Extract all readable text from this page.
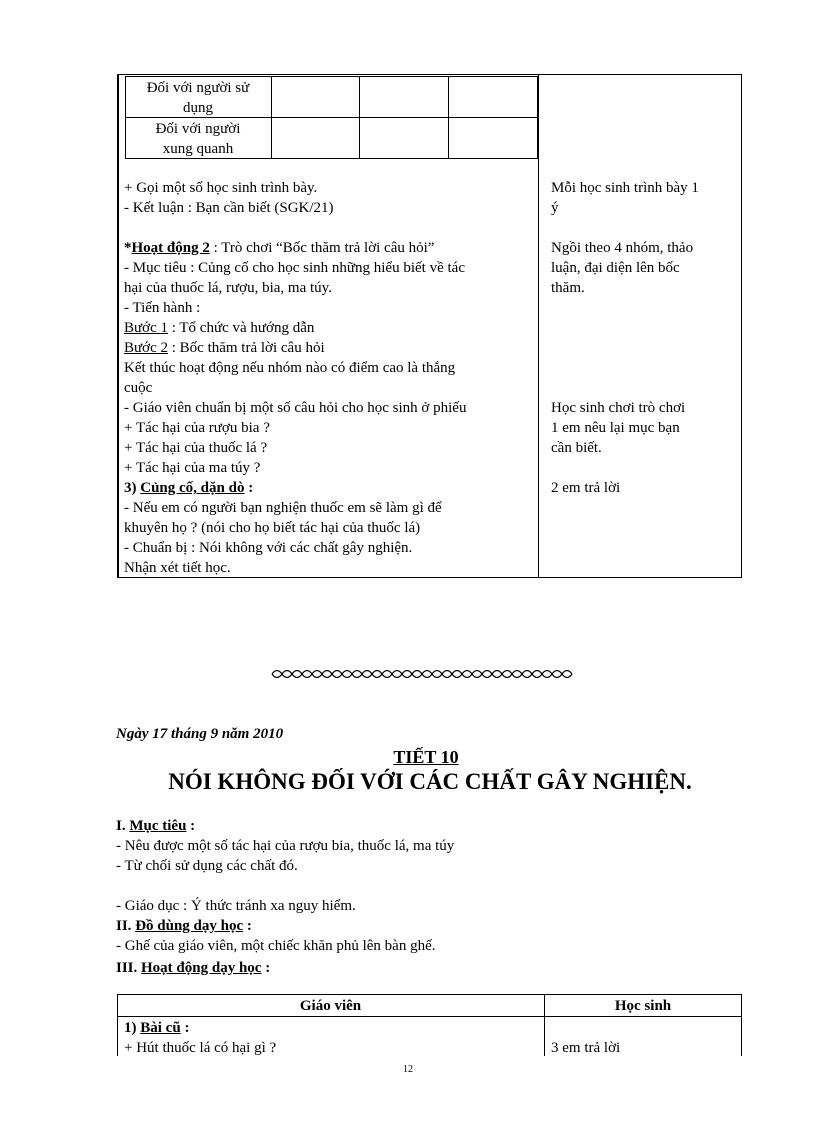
Đối với người sử
dụng
Đối với người
xung quanh
+ Gọi một số học sinh trình bày.
- Kết luận : Bạn cần biết (SGK/21)
*Hoạt động 2 : Trò chơi “Bốc thăm trả lời câu hỏi”
- Mục tiêu : Củng cố cho học sinh những hiểu biết về tác
hại của thuốc lá, rượu, bia, ma túy.
- Tiến hành :
Bước 1 : Tổ chức và hướng dẫn
Bước 2 : Bốc thăm trả lời câu hỏi
Kết thúc hoạt động nếu nhóm nào có điểm cao là thắng
cuộc
- Giáo viên chuẩn bị một số câu hỏi cho học sinh ở phiếu
+ Tác hại của rượu bia ?
+ Tác hại của thuốc lá ?
+ Tác hại của ma túy ?
3) Củng cố, dặn dò :
- Nếu em có người bạn nghiện thuốc em sẽ làm gì để
khuyên họ ? (nói cho họ biết tác hại của thuốc lá)
- Chuẩn bị : Nói không với các chất gây nghiện.
Nhận xét tiết học.
Mỗi học sinh trình bày 1
ý
Ngồi theo 4 nhóm, thảo
luận, đại diện lên bốc
thăm.
Học sinh chơi trò chơi
1 em nêu lại mục bạn
cần biết.
2 em trả lời
Ngày 17 tháng 9 năm 2010
TIẾT 10
NÓI KHÔNG ĐỐI VỚI CÁC CHẤT GÂY NGHIỆN.
I. Mục tiêu :
- Nêu được một số tác hại của rượu bia, thuốc lá, ma túy
- Từ chối sử dụng các chất đó.
- Giáo dục : Ý thức tránh xa nguy hiểm.
II. Đồ dùng dạy học :
- Ghế của giáo viên, một chiếc khăn phủ lên bàn ghế.
III. Hoạt động dạy học :
Giáo viên	Học sinh
1) Bài cũ :
+ Hút thuốc lá có hại gì ?	3 em trả lời
12
